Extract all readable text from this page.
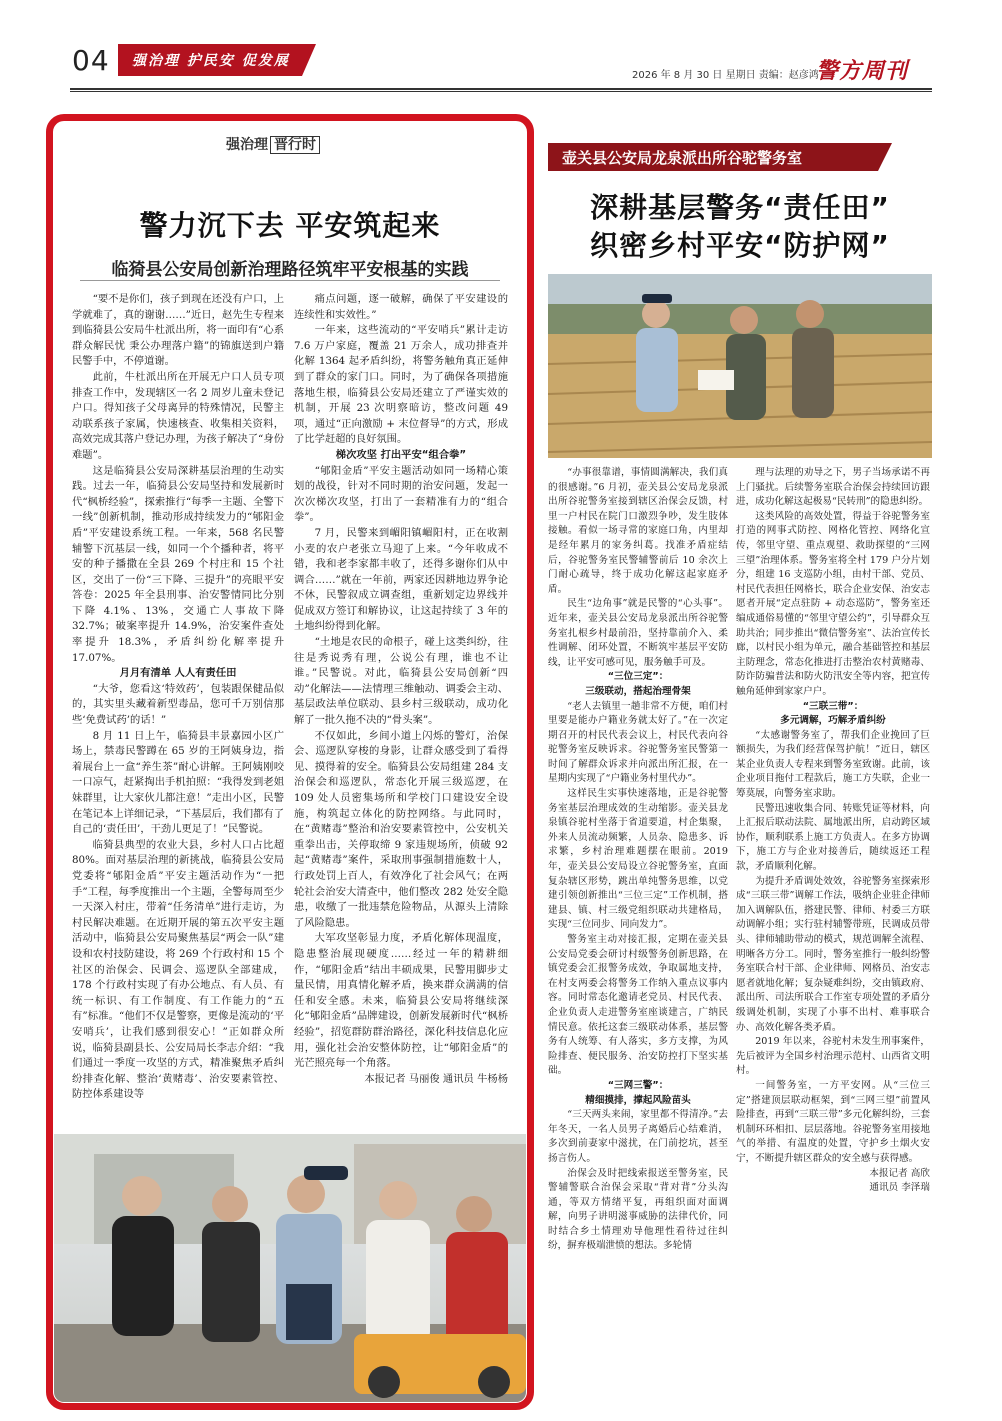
04 强治理 护民安 促发展
2026 年 8 月 30 日 星期日 责编：赵彦鸿
警方周刊
强治理 晋行时
警力沉下去 平安筑起来
临猗县公安局创新治理路径筑牢平安根基的实践

“要不是你们，孩子到现在还没有户口，上学就难了，真的谢谢……”近日，赵先生专程来到临猗县公安局牛杜派出所，将一面印有“心系群众解民忧 秉公办理落户籍”的锦旗送到户籍民警手中，不停道谢。

此前，牛杜派出所在开展无户口人员专项排查工作中，发现辖区一名 2 周岁儿童未登记户口。得知孩子父母离异的特殊情况，民警主动联系孩子家属，快速核查、收集相关资料，高效完成其落户登记办理，为孩子解决了“身份难题”。

这是临猗县公安局深耕基层治理的生动实践。过去一年，临猗县公安局坚持和发展新时代“枫桥经验”，探索推行“每季一主题、全警下一线”创新机制，推动形成持续发力的“郇阳金盾”平安建设系统工程。一年来，568 名民警辅警下沉基层一线，如同一个个播种者，将平安的种子播撒在全县 269 个村庄和 15 个社区，交出了一份“三下降、三提升”的亮眼平安答卷：2025 年全县刑事、治安警情同比分别下降 4.1%、13%，交通亡人事故下降 32.7%；破案率提升 14.9%，治安案件查处率提升 18.3%，矛盾纠纷化解率提升 17.07%。

月月有清单 人人有责任田

“大爷，您看这‘特效药’，包装跟保健品似的，其实里头藏着新型毒品，您可千万别信那些‘免费试药’的话！”

8 月 11 日上午，临猗县丰景嘉园小区广场上，禁毒民警蹲在 65 岁的王阿姨身边，指着展台上一盒“养生茶”耐心讲解。王阿姨刚咬一口凉气，赶紧掏出手机拍照：“我得发到老姐妹群里，让大家伙儿都注意！”走出小区，民警在笔记本上详细记录，“下基层后，我们都有了自己的‘责任田’，干劲儿更足了！”民警说。

临猗县典型的农业大县，乡村人口占比超 80%。面对基层治理的新挑战，临猗县公安局党委将“郇阳金盾”平安主题活动作为“一把手”工程，每季度推出一个主题，全警每周至少一天深入村庄，带着“任务清单”进行走访，为村民解决难题。在近期开展的第五次平安主题活动中，临猗县公安局聚焦基层“两会一队”建设和农村技防建设，将 269 个行政村和 15 个社区的治保会、民调会、巡逻队全部建成，178 个行政村实现了有办公地点、有人员、有统一标识、有工作制度、有工作能力的“五有”标准。“他们不仅是警察，更像是流动的‘平安哨兵’，让我们感到很安心！”正如群众所说，临猗县副县长、公安局局长李志介绍：“我们通过一季度一攻坚的方式，精准聚焦矛盾纠纷排查化解、整治‘黄赌毒’、治安要素管控、防控体系建设等

痛点问题，逐一破解，确保了平安建设的连续性和实效性。”

一年来，这些流动的“平安哨兵”累计走访 7.6 万户家庭，覆盖 21 万余人，成功排查并化解 1364 起矛盾纠纷，将警务触角真正延伸到了群众的家门口。同时，为了确保各项措施落地生根，临猗县公安局还建立了严谨实效的机制，开展 23 次明察暗访，整改问题 49 项，通过“正向激励 + 末位督导”的方式，形成了比学赶超的良好氛围。

梯次攻坚 打出平安“组合拳”

“郇阳金盾”平安主题活动如同一场精心策划的战役，针对不同时期的治安问题，发起一次次梯次攻坚，打出了一套精准有力的“组合拳”。

7 月，民警来到嵋阳镇嵋阳村，正在收割小麦的农户老张立马迎了上来。“今年收成不错，我和老李家都丰收了，还得多谢你们从中调合……”就在一年前，两家还因耕地边界争论不休，民警叙成立调查组，重新划定边界线并促成双方签订和解协议，让这起持续了 3 年的土地纠纷得到化解。

“土地是农民的命根子，碰上这类纠纷，往往是秀说秀有理，公说公有理，谁也不让谁。”民警说。对此，临猗县公安局创新“四动”化解法——法情理三维触动、调委会主动、基层政法单位联动、县乡村三级联动，成功化解了一批久拖不决的“骨头案”。

不仅如此，乡间小道上闪烁的警灯，治保会、巡逻队穿梭的身影，让群众感受到了看得见、摸得着的安全。临猗县公安局组建 284 支治保会和巡逻队，常态化开展三级巡逻，在 109 处人员密集场所和学校门口建设安全设施，构筑起立体化的防控网络。与此同时，在“黄赌毒”整治和治安要素管控中，公安机关重拳出击，关停取缔 9 家违规场所，侦破 92 起“黄赌毒”案件，采取刑事强制措施数十人，行政处罚上百人，有效净化了社会风气；在两轮社会治安大清查中，他们整改 282 处安全隐患，收缴了一批违禁危险物品，从源头上清除了风险隐患。

大军攻坚彰显力度，矛盾化解体现温度，隐患整治展现硬度……经过一年的精耕细作，“郇阳金盾”结出丰硕成果，民警用脚步丈量民情，用真情化解矛盾，换来群众满满的信任和安全感。未来，临猗县公安局将继续深化“郇阳金盾”品牌建设，创新发展新时代“枫桥经验”，招览群防群治路径，深化科技信息化应用，强化社会治安整体防控，让“郇阳金盾”的光芒照亮每一个角落。

本报记者 马丽俊 通讯员 牛杨杨

壶关县公安局龙泉派出所谷驼警务室
深耕基层警务“责任田”
织密乡村平安“防护网”

“办事很靠谱，事情圆满解决，我们真的很感谢。”6 月初，壶关县公安局龙泉派出所谷驼警务室接到辖区治保会反馈，村里一户村民在院门口激烈争吵，发生肢体接触。看似一场寻常的家庭口角，内里却是经年累月的家务纠葛。找准矛盾症结后，谷驼警务室民警辅警前后 10 余次上门耐心疏导，终于成功化解这起家庭矛盾。

民生“边角事”就是民警的“心头事”。近年来，壶关县公安局龙泉派出所谷驼警务室扎根乡村最前沿，坚持靠前介入、柔性调解、闭环处置，不断筑牢基层平安防线，让平安可感可见，服务触手可及。

“三位三定”：

三级联动，搭起治理骨架

“老人去镇里一趟非常不方便，咱们村里要是能办户籍业务就太好了。”在一次定期召开的村民代表会议上，村民代表向谷驼警务室反映诉求。谷驼警务室民警第一时间了解群众诉求并向派出所汇报，在一星期内实现了“户籍业务村里代办”。

这样民生实事快速落地，正是谷驼警务室基层治理成效的生动缩影。壶关县龙泉镇谷驼村坐落于省道要道，村企集聚，外来人员流动频繁，人员杂、隐患多、诉求繁，乡村治理难题摆在眼前。2019 年，壶关县公安局设立谷驼警务室，直面复杂辖区形势，跳出单纯警务思维，以党建引领创新推出“三位三定”工作机制，搭建县、镇、村三级党组织联动共建格局，实现“三位同步、同向发力”。

警务室主动对接汇报，定期在壶关县公安局党委会研讨村级警务创新思路，在镇党委会汇报警务成效，争取属地支持，在村支两委会将警务工作纳入重点议事内容。同时常态化邀请老党员、村民代表、企业负责人走进警务室座谈建言，广纳民情民意。依托这套三级联动体系，基层警务有人统筹、有人落实，多方支撑，为风险排查、便民服务、治安防控打下坚实基础。

“三网三警”：

精细摸排，撑起风险苗头

“三天两头来闹，家里都不得清净。”去年冬天，一名人员男子离婚后心结难消，多次到前妻家中滋扰，在门前挖坑，甚至扬言伤人。

治保会及时把线索报送至警务室，民警辅警联合治保会采取“背对背”分头沟通，等双方情绪平复，再组织面对面调解，向男子讲明滋事威胁的法律代价，同时结合乡土情理劝导他理性看待过往纠纷，摒弃极端泄愤的想法。多轮情

理与法理的劝导之下，男子当场承诺不再上门骚扰。后续警务室联合治保会持续回访跟进，成功化解这起极易“民转刑”的隐患纠纷。

这类风险的高效处置，得益于谷驼警务室打造的网事式防控、网格化管控、网络化宣传，邻里守望、重点观望、救助探望的“三网三望”治理体系。警务室将全村 179 户分片划分，组建 16 支巡防小组，由村干部、党员、村民代表担任网格长，联合企业安保、治安志愿者开展“定点驻防 + 动态巡防”，警务室还编成通俗易懂的“邻里守望公约”，引导群众互助共治；同步推出“微信警务室”、法治宣传长廊，以村民小组为单元，融合基础管控和基层主防理念，常态化推进打击整治农村黄赌毒、防诈防骗普法和防火防汛安全等内容，把宣传触角延伸到家家户户。

“三联三带”：

多元调解，巧解矛盾纠纷

“太感谢警务室了，帮我们企业挽回了巨额损失，为我们经营保驾护航！”近日，辖区某企业负责人专程来到警务室致谢。此前，该企业项目拖付工程款后，施工方失联，企业一筹莫展，向警务室求助。

民警迅速收集合同、转账凭证等材料，向上汇报后联动法院、属地派出所，启动跨区域协作，顺利联系上施工方负责人。在多方协调下，施工方与企业对接善后，随续返还工程款，矛盾顺利化解。

为提升矛盾调处效效，谷驼警务室探索形成“三联三带”调解工作法，吸纳企业驻企律师加入调解队伍，搭建民警、律师、村委三方联动调解小组；实行驻村辅警带班，民调成员带头、律师辅助带动的模式，规范调解全流程、明晰各方分工。同时，警务室推行一般纠纷警务室联合村干部、企业律师、网格员、治安志愿者就地化解；复杂疑难纠纷，交由镇政府、派出所、司法所联合工作室专项处置的矛盾分级调处机制，实现了小事不出村、难事联合办、高效化解各类矛盾。

2019 年以来，谷驼村未发生刑事案件，先后被评为全国乡村治理示范村、山西省文明村。

一间警务室，一方平安网。从“三位三定”搭建顶层联动框架，到“三网三望”前置风险排查，再到“三联三带”多元化解纠纷，三套机制环环相扣、层层落地。谷驼警务室用接地气的举措、有温度的处置，守护乡土烟火安宁，不断提升辖区群众的安全感与获得感。

本报记者 高欣

通讯员 李泽瑞
